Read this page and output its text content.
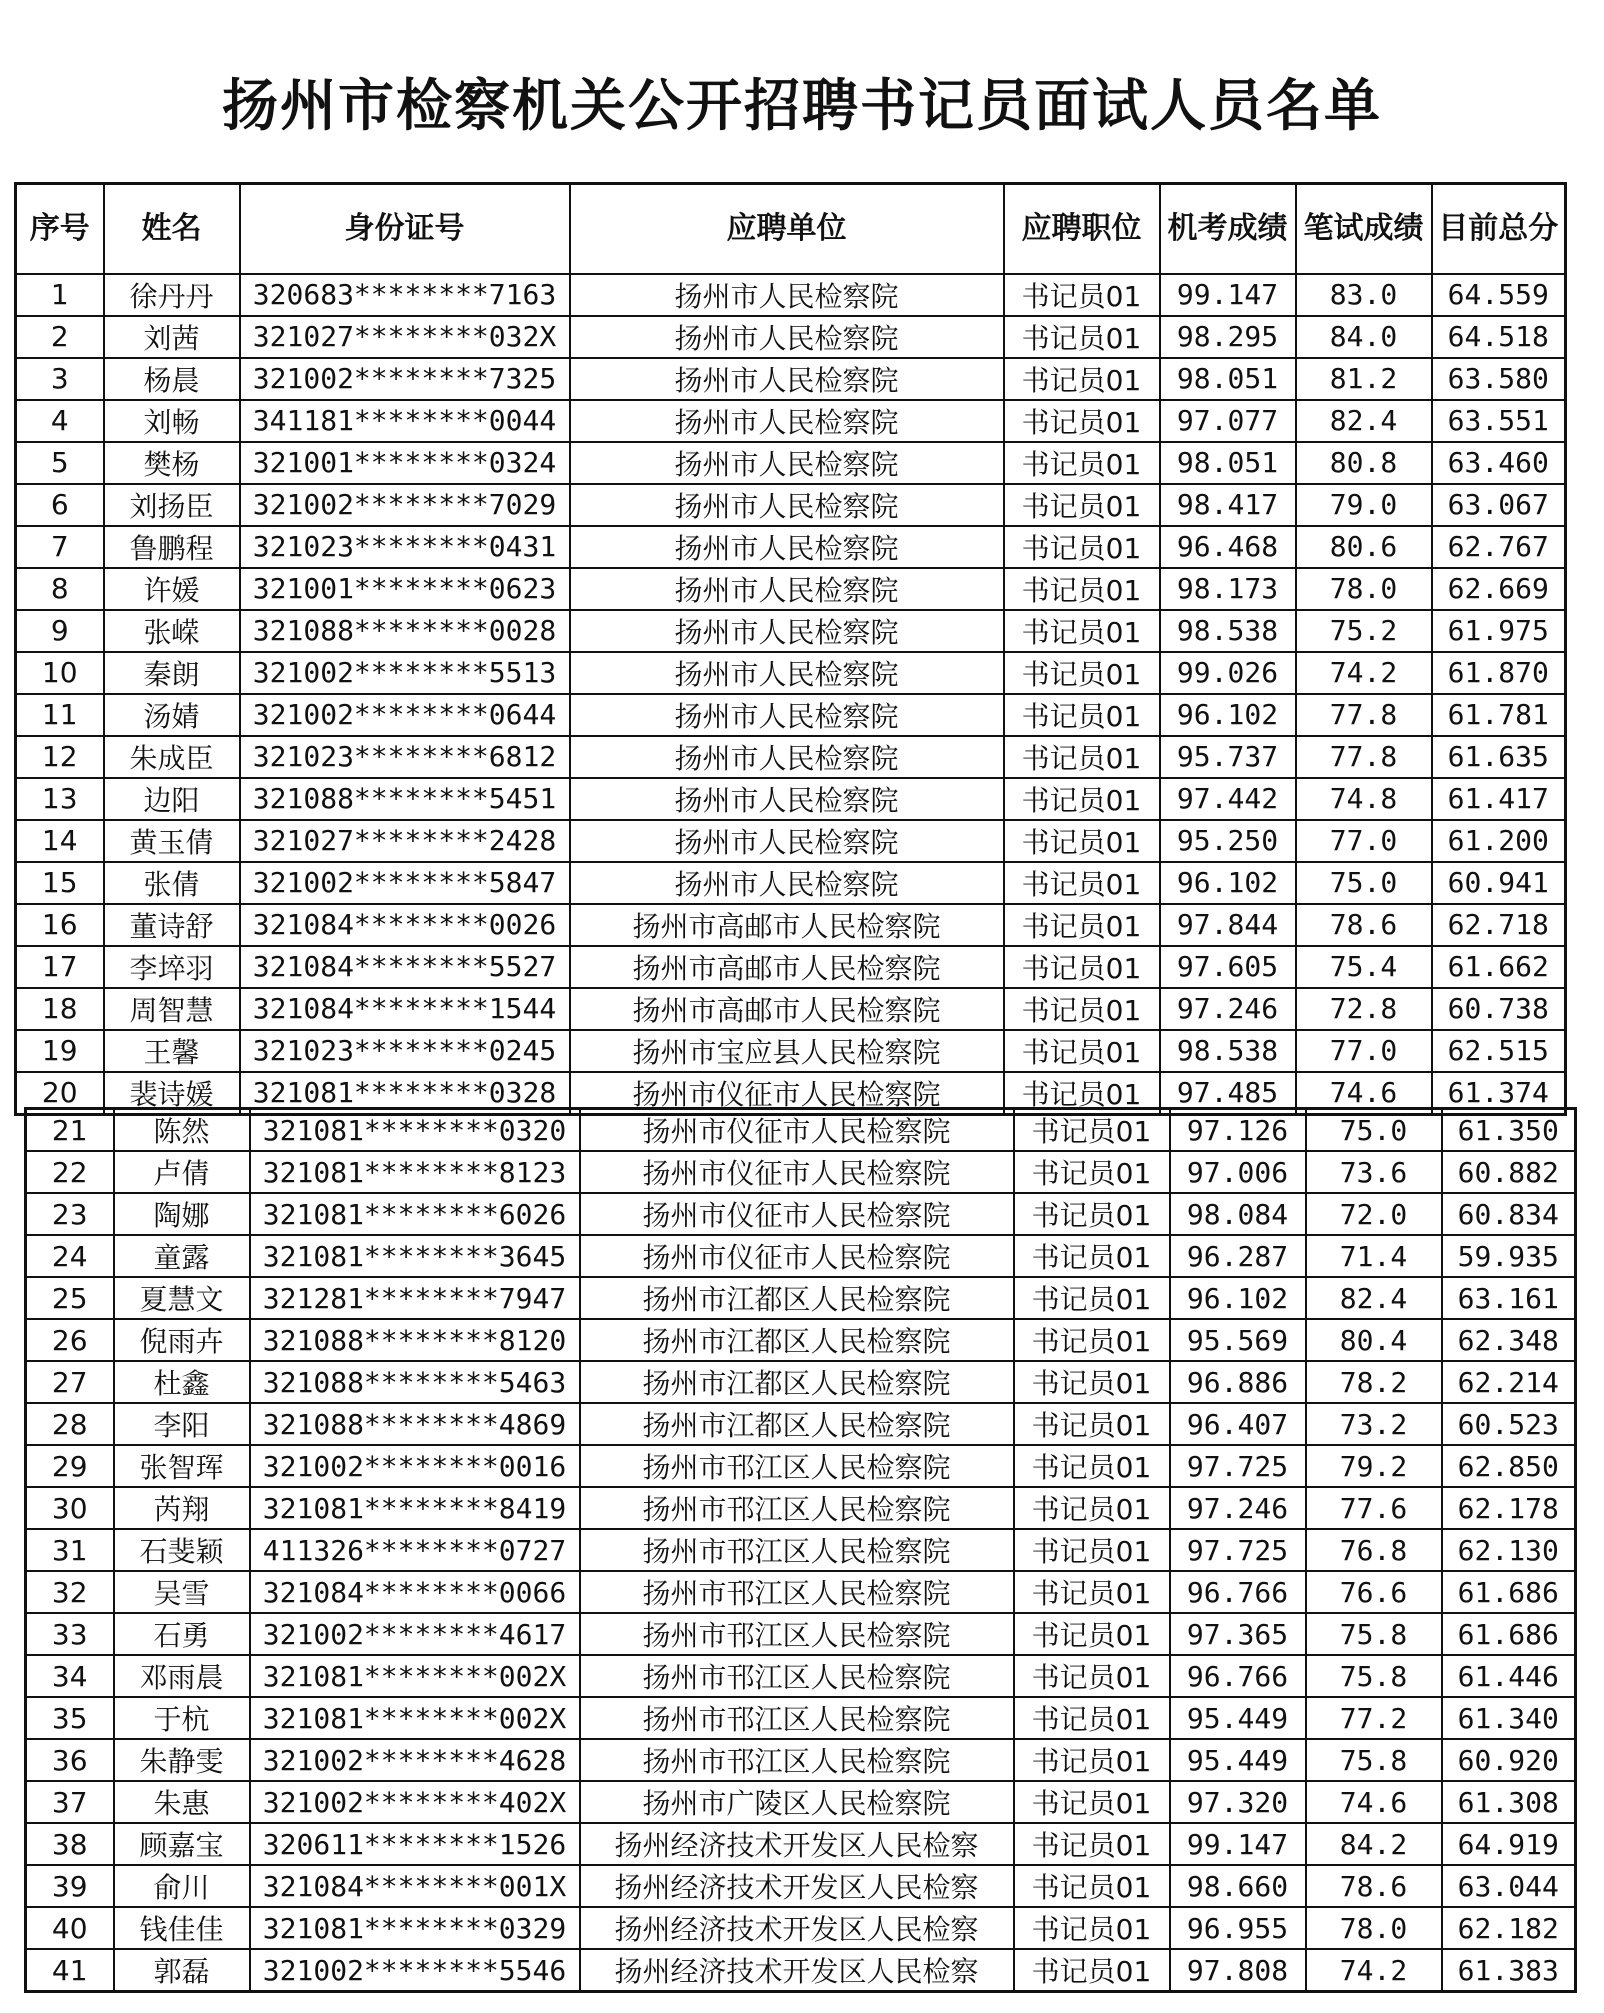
扬州市检察机关公开招聘书记员面试人员名单
序号	姓名	身份证号	应聘单位	应聘职位	机考成绩	笔试成绩	目前总分

1	徐丹丹	320683********7163	扬州市人民检察院	书记员01	99.147	83.0	64.559
2	刘茜	321027********032X	扬州市人民检察院	书记员01	98.295	84.0	64.518
3	杨晨	321002********7325	扬州市人民检察院	书记员01	98.051	81.2	63.580
4	刘畅	341181********0044	扬州市人民检察院	书记员01	97.077	82.4	63.551
5	樊杨	321001********0324	扬州市人民检察院	书记员01	98.051	80.8	63.460
6	刘扬臣	321002********7029	扬州市人民检察院	书记员01	98.417	79.0	63.067
7	鲁鹏程	321023********0431	扬州市人民检察院	书记员01	96.468	80.6	62.767
8	许媛	321001********0623	扬州市人民检察院	书记员01	98.173	78.0	62.669
9	张嵘	321088********0028	扬州市人民检察院	书记员01	98.538	75.2	61.975
10	秦朗	321002********5513	扬州市人民检察院	书记员01	99.026	74.2	61.870
11	汤婧	321002********0644	扬州市人民检察院	书记员01	96.102	77.8	61.781
12	朱成臣	321023********6812	扬州市人民检察院	书记员01	95.737	77.8	61.635
13	边阳	321088********5451	扬州市人民检察院	书记员01	97.442	74.8	61.417
14	黄玉倩	321027********2428	扬州市人民检察院	书记员01	95.250	77.0	61.200
15	张倩	321002********5847	扬州市人民检察院	书记员01	96.102	75.0	60.941
16	董诗舒	321084********0026	扬州市高邮市人民检察院	书记员01	97.844	78.6	62.718
17	李埣羽	321084********5527	扬州市高邮市人民检察院	书记员01	97.605	75.4	61.662
18	周智慧	321084********1544	扬州市高邮市人民检察院	书记员01	97.246	72.8	60.738
19	王馨	321023********0245	扬州市宝应县人民检察院	书记员01	98.538	77.0	62.515
20	裴诗媛	321081********0328	扬州市仪征市人民检察院	书记员01	97.485	74.6	61.374
21	陈然	321081********0320	扬州市仪征市人民检察院	书记员01	97.126	75.0	61.350
22	卢倩	321081********8123	扬州市仪征市人民检察院	书记员01	97.006	73.6	60.882
23	陶娜	321081********6026	扬州市仪征市人民检察院	书记员01	98.084	72.0	60.834
24	童露	321081********3645	扬州市仪征市人民检察院	书记员01	96.287	71.4	59.935
25	夏慧文	321281********7947	扬州市江都区人民检察院	书记员01	96.102	82.4	63.161
26	倪雨卉	321088********8120	扬州市江都区人民检察院	书记员01	95.569	80.4	62.348
27	杜鑫	321088********5463	扬州市江都区人民检察院	书记员01	96.886	78.2	62.214
28	李阳	321088********4869	扬州市江都区人民检察院	书记员01	96.407	73.2	60.523
29	张智珲	321002********0016	扬州市邗江区人民检察院	书记员01	97.725	79.2	62.850
30	芮翔	321081********8419	扬州市邗江区人民检察院	书记员01	97.246	77.6	62.178
31	石斐颖	411326********0727	扬州市邗江区人民检察院	书记员01	97.725	76.8	62.130
32	吴雪	321084********0066	扬州市邗江区人民检察院	书记员01	96.766	76.6	61.686
33	石勇	321002********4617	扬州市邗江区人民检察院	书记员01	97.365	75.8	61.686
34	邓雨晨	321081********002X	扬州市邗江区人民检察院	书记员01	96.766	75.8	61.446
35	于杭	321081********002X	扬州市邗江区人民检察院	书记员01	95.449	77.2	61.340
36	朱静雯	321002********4628	扬州市邗江区人民检察院	书记员01	95.449	75.8	60.920
37	朱惠	321002********402X	扬州市广陵区人民检察院	书记员01	97.320	74.6	61.308
38	顾嘉宝	320611********1526	扬州经济技术开发区人民检察	书记员01	99.147	84.2	64.919
39	俞川	321084********001X	扬州经济技术开发区人民检察	书记员01	98.660	78.6	63.044
40	钱佳佳	321081********0329	扬州经济技术开发区人民检察	书记员01	96.955	78.0	62.182
41	郭磊	321002********5546	扬州经济技术开发区人民检察	书记员01	97.808	74.2	61.383
